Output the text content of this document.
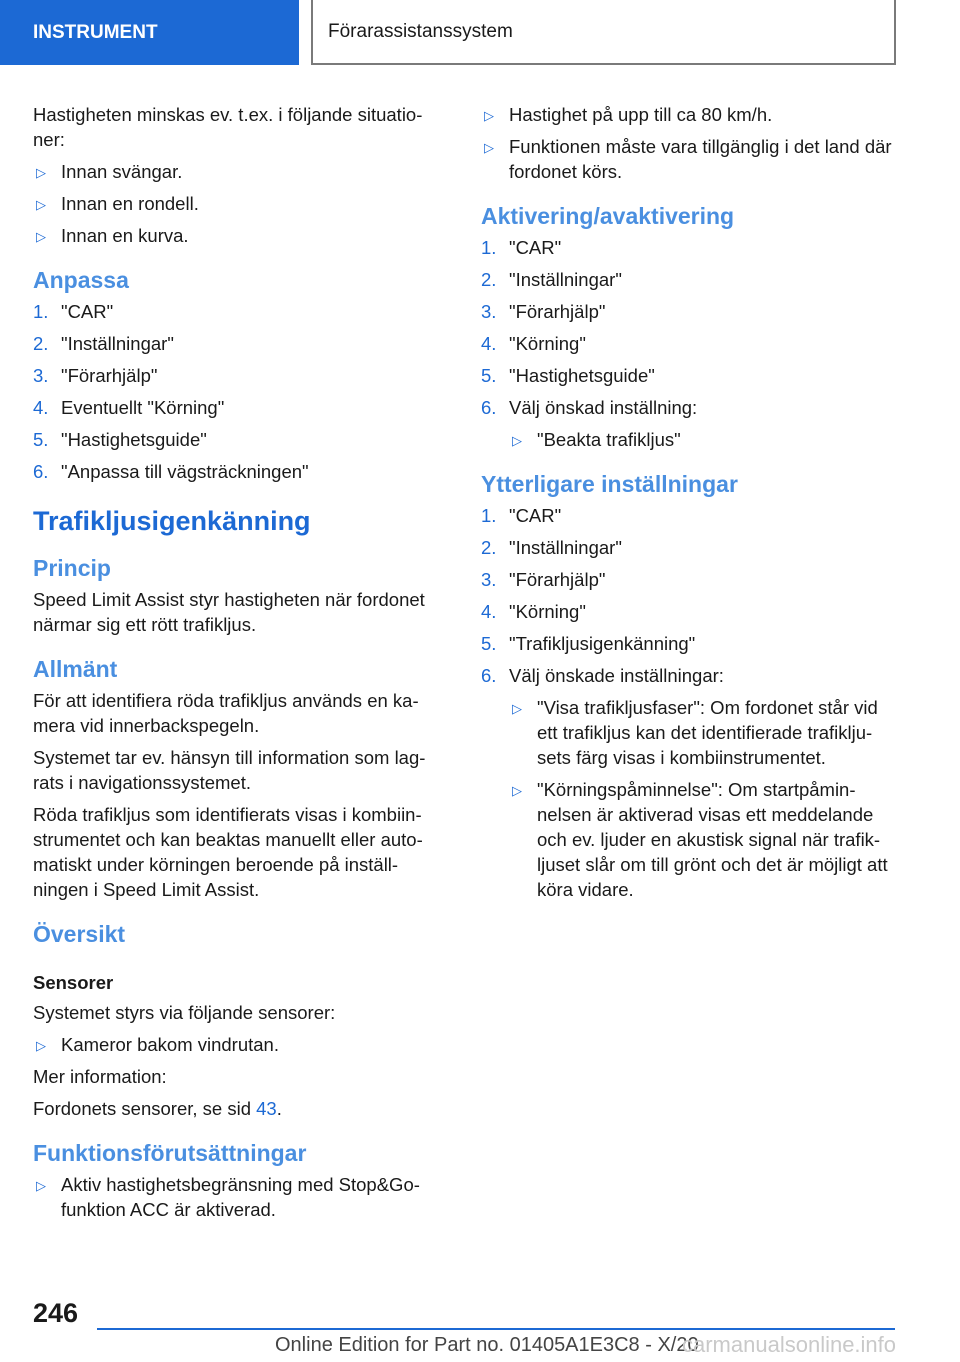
INSTRUMENT	Förarassistanssystem

Hastigheten minskas ev. t.ex. i följande situatio-ner:

▷ Innan svängar.
▷ Innan en rondell.
▷ Innan en kurva.
Anpassa
1. "CAR"
2. "Inställningar"
3. "Förarhjälp"
4. Eventuellt "Körning"
5. "Hastighetsguide"
6. "Anpassa till vägsträckningen"
Trafikljusigenkänning
Princip

Speed Limit Assist styr hastigheten när fordonet närmar sig ett rött trafikljus.

Allmänt

För att identifiera röda trafikljus används en ka-mera vid innerbackspegeln.

Systemet tar ev. hänsyn till information som lag-rats i navigationssystemet.

Röda trafikljus som identifierats visas i kombiin-strumentet och kan beaktas manuellt eller auto-matiskt under körningen beroende på inställ-ningen i Speed Limit Assist.

Översikt
Sensorer

Systemet styrs via följande sensorer:

▷ Kameror bakom vindrutan.

Mer information:

Fordonets sensorer, se sid 43.

Funktionsförutsättningar
▷ Aktiv hastighetsbegränsning med Stop&Go-funktion ACC är aktiverad.
▷ Hastighet på upp till ca 80 km/h.
▷ Funktionen måste vara tillgänglig i det land där fordonet körs.
Aktivering/avaktivering
1. "CAR"
2. "Inställningar"
3. "Förarhjälp"
4. "Körning"
5. "Hastighetsguide"
6. Välj önskad inställning:
▷ "Beakta trafikljus"
Ytterligare inställningar
1. "CAR"
2. "Inställningar"
3. "Förarhjälp"
4. "Körning"
5. "Trafikljusigenkänning"
6. Välj önskade inställningar:
▷ "Visa trafikljusfaser": Om fordonet står vid ett trafikljus kan det identifierade trafiklju-sets färg visas i kombiinstrumentet.
▷ "Körningspåminnelse": Om startpåmin-nelsen är aktiverad visas ett meddelande och ev. ljuder en akustisk signal när trafik-ljuset slår om till grönt och det är möjligt att köra vidare.
246
Online Edition for Part no. 01405A1E3C8 - X/20
carmanualsonline.info
